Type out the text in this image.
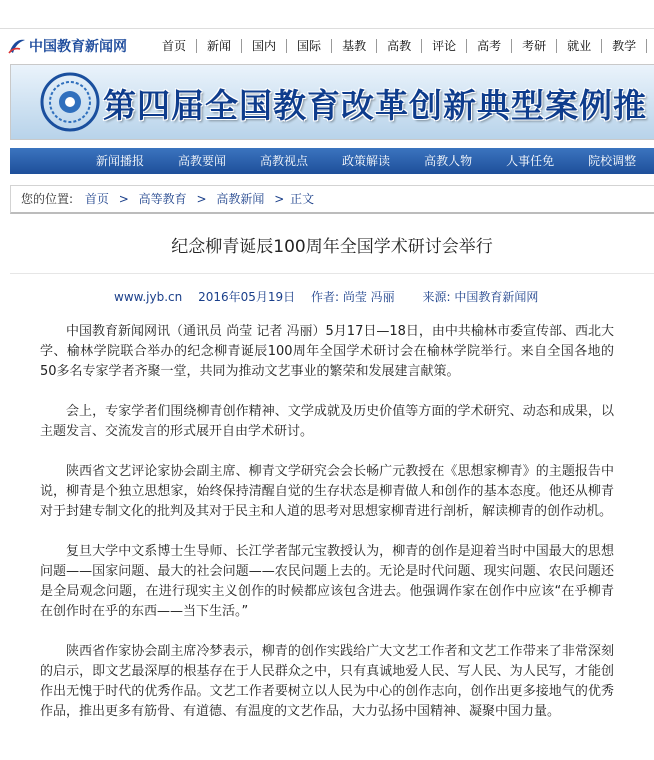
中国教育新闻网	首页	新闻	国内	国际	基教	高教	评论	高考	考研	就业	教学
第四届全国教育改革创新典型案例推
新闻播报	高教要闻	高教视点	政策解读	高教人物	人事任免	院校调整
您的位置: 首页 > 高等教育 > 高教新闻 > 正文
纪念柳青诞辰100周年全国学术研讨会举行
www.jyb.cn 2016年05月19日 作者: 尚莹 冯丽 来源: 中国教育新闻网

中国教育新闻网讯（通讯员 尚莹 记者 冯丽）5月17日—18日，由中共榆林市委宣传部、西北大学、榆林学院联合举办的纪念柳青诞辰100周年全国学术研讨会在榆林学院举行。来自全国各地的50多名专家学者齐聚一堂，共同为推动文艺事业的繁荣和发展建言献策。

会上，专家学者们围绕柳青创作精神、文学成就及历史价值等方面的学术研究、动态和成果，以主题发言、交流发言的形式展开自由学术研讨。

陕西省文艺评论家协会副主席、柳青文学研究会会长畅广元教授在《思想家柳青》的主题报告中说，柳青是个独立思想家，始终保持清醒自觉的生存状态是柳青做人和创作的基本态度。他还从柳青对于封建专制文化的批判及其对于民主和人道的思考对思想家柳青进行剖析，解读柳青的创作动机。

复旦大学中文系博士生导师、长江学者郜元宝教授认为，柳青的创作是迎着当时中国最大的思想问题——国家问题、最大的社会问题——农民问题上去的。无论是时代问题、现实问题、农民问题还是全局观念问题，在进行现实主义创作的时候都应该包含进去。他强调作家在创作中应该“在乎柳青在创作时在乎的东西——当下生活。”

陕西省作家协会副主席冷梦表示，柳青的创作实践给广大文艺工作者和文艺工作带来了非常深刻的启示，即文艺最深厚的根基存在于人民群众之中，只有真诚地爱人民、写人民、为人民写，才能创作出无愧于时代的优秀作品。文艺工作者要树立以人民为中心的创作志向，创作出更多接地气的优秀作品，推出更多有筋骨、有道德、有温度的文艺作品，大力弘扬中国精神、凝聚中国力量。
